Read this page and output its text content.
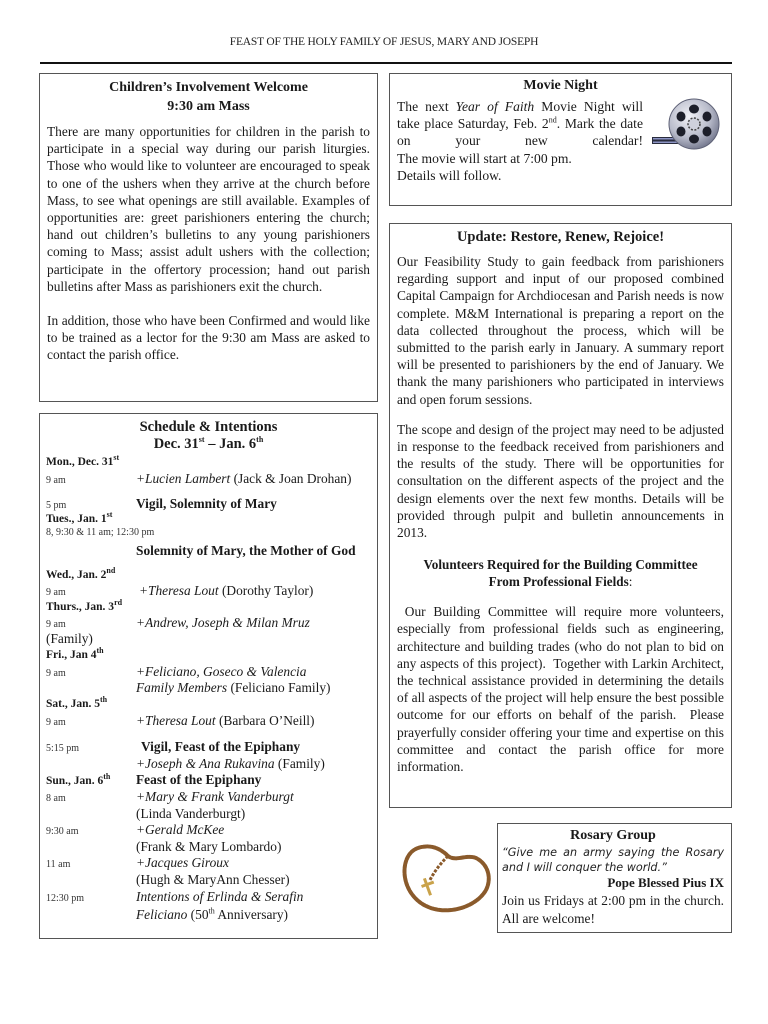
FEAST OF THE HOLY FAMILY OF JESUS, MARY AND JOSEPH
Children’s Involvement Welcome
9:30 am Mass

There are many opportunities for children in the parish to participate in a special way during our parish liturgies. Those who would like to volunteer are encouraged to speak to one of the ushers when they arrive at the church before Mass, to see what openings are still available. Examples of opportunities are: greet parishioners entering the church; hand out children’s bulletins to any young parishioners coming to Mass; assist adult ushers with the collection; participate in the offertory procession; hand out parish bulletins after Mass as parishioners exit the church.

In addition, those who have been Confirmed and would like to be trained as a lector for the 9:30 am Mass are asked to contact the parish office.

Schedule & Intentions
Dec. 31st – Jan. 6th
Mon., Dec. 31st
9 am	+Lucien Lambert (Jack & Joan Drohan)
5 pm	Vigil, Solemnity of Mary
Tues., Jan. 1st
8, 9:30 & 11 am; 12:30 pm
Solemnity of Mary, the Mother of God
Wed., Jan. 2nd
9 am	+Theresa Lout (Dorothy Taylor)
Thurs., Jan. 3rd
9 am	+Andrew, Joseph & Milan Mruz
(Family)
Fri., Jan 4th
9 am	+Feliciano, Goseco & Valencia
Family Members (Feliciano Family)
Sat., Jan. 5th
9 am	+Theresa Lout (Barbara O’Neill)
5:15 pm	Vigil, Feast of the Epiphany
+Joseph & Ana Rukavina (Family)
Sun., Jan. 6th	Feast of the Epiphany
8 am	+Mary & Frank Vanderburgt
(Linda Vanderburgt)
9:30 am	+Gerald McKee
(Frank & Mary Lombardo)
11 am	+Jacques Giroux
(Hugh & MaryAnn Chesser)
12:30 pm	Intentions of Erlinda & Serafin
Feliciano (50th Anniversary)
Movie Night

The next Year of Faith Movie Night will take place Saturday, Feb. 2nd. Mark the date on your new calendar!

The movie will start at 7:00 pm.

Details will follow.

Update: Restore, Renew, Rejoice!

Our Feasibility Study to gain feedback from parishioners regarding support and input of our proposed combined Capital Campaign for Archdiocesan and Parish needs is now complete. M&M International is preparing a report on the data collected throughout the process, which will be submitted to the parish early in January. A summary report will be presented to parishioners by the end of January. We thank the many parishioners who participated in interviews and open forum sessions.

The scope and design of the project may need to be adjusted in response to the feedback received from parishioners and the results of the study. There will be opportunities for consultation on the different aspects of the project and the design elements over the next few months. Details will be provided through pulpit and bulletin announcements in 2013.

Volunteers Required for the Building Committee
From Professional Fields:

Our Building Committee will require more volunteers, especially from professional fields such as engineering, architecture and building trades (who do not plan to bid on any aspects of this project).  Together with Larkin Architect, the technical assistance provided in determining the details of all aspects of the project will help ensure the best possible outcome for our efforts on behalf of the parish.  Please prayerfully consider offering your time and expertise on this committee and contact the parish office for more information.

Rosary Group

“Give me an army saying the Rosary and I will conquer the world.”

Pope Blessed Pius IX

Join us Fridays at 2:00 pm in the church. All are welcome!
